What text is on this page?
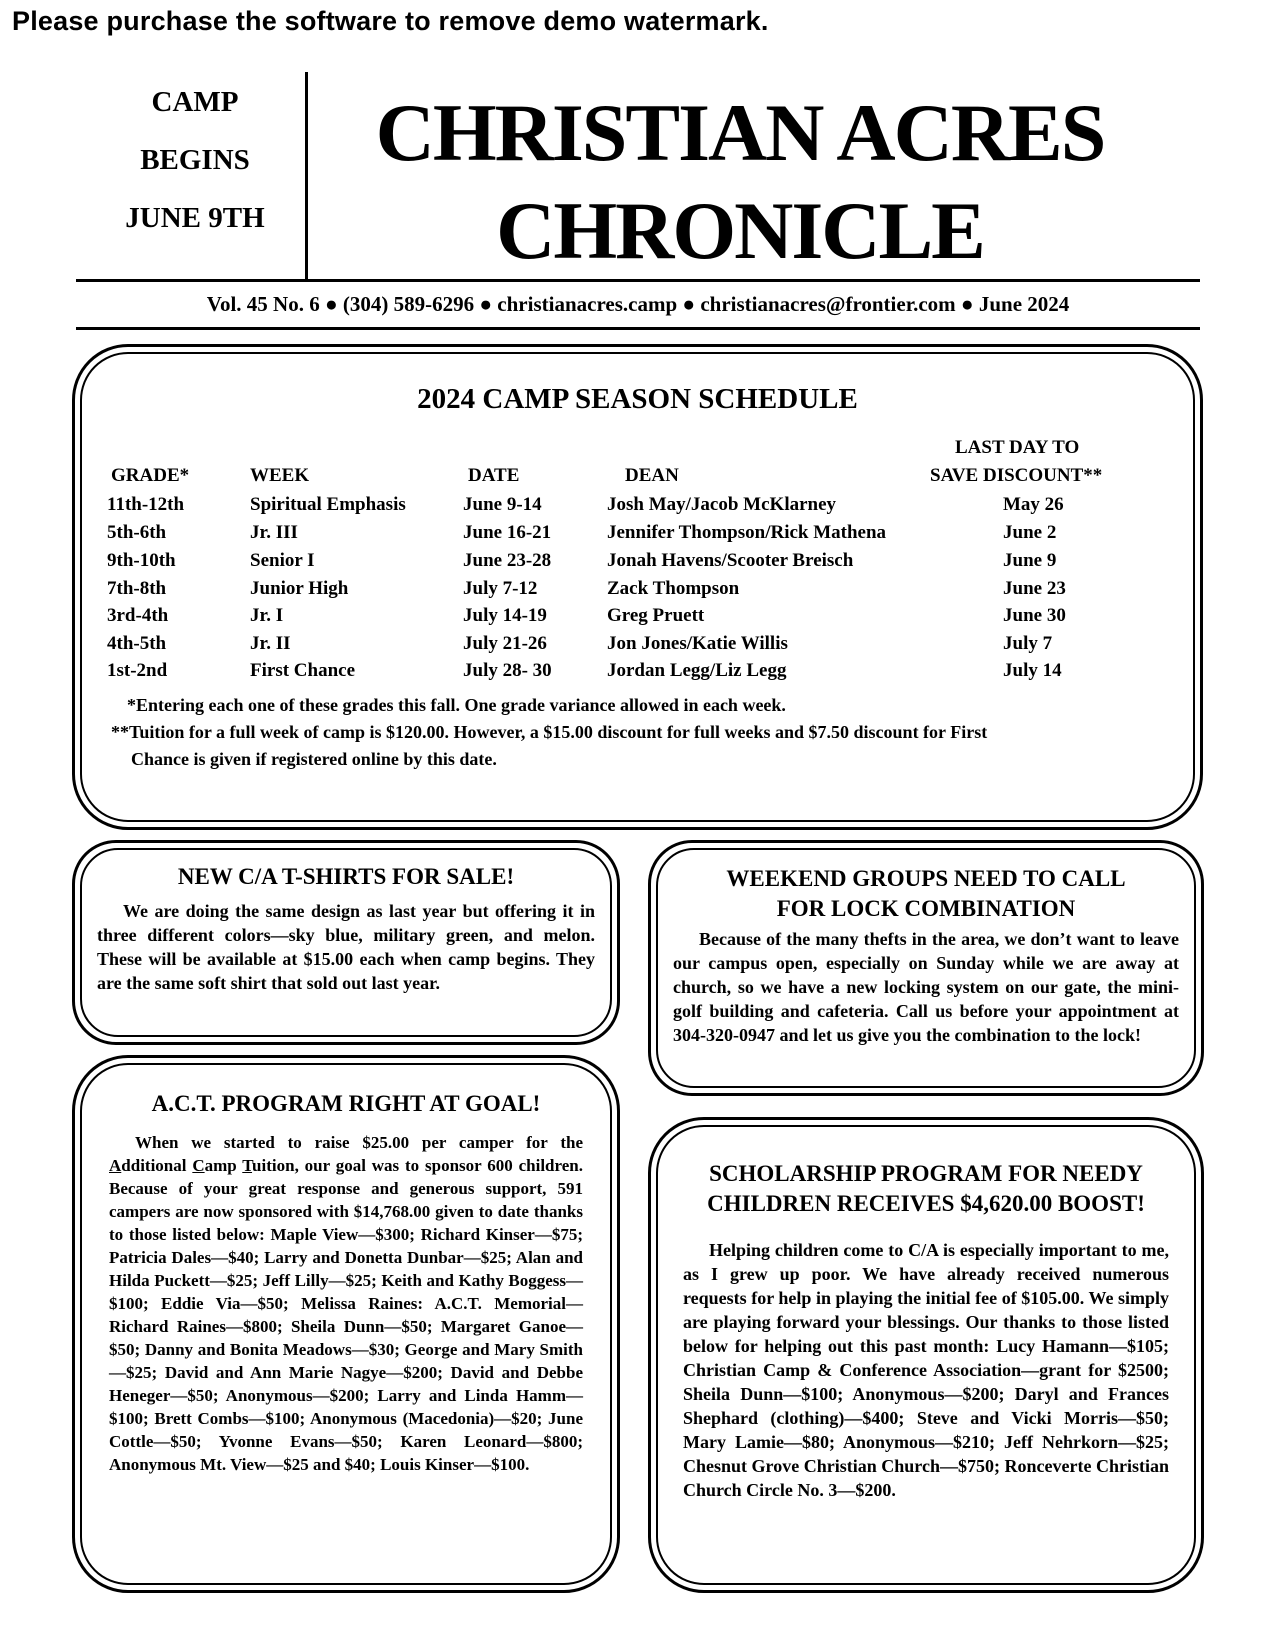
Please purchase the software to remove demo watermark.
CAMP
BEGINS
JUNE 9TH
CHRISTIAN ACRES
CHRONICLE
Vol. 45 No. 6 ● (304) 589-6296 ● christianacres.camp ● christianacres@frontier.com ● June 2024
2024 CAMP SEASON SCHEDULE
LAST DAY TO
GRADE*	WEEK	DATE	DEAN	SAVE DISCOUNT**
11th-12th	Spiritual Emphasis	June 9-14	Josh May/Jacob McKlarney	May 26
5th-6th	Jr. III	June 16-21	Jennifer Thompson/Rick Mathena	June 2
9th-10th	Senior I	June 23-28	Jonah Havens/Scooter Breisch	June 9
7th-8th	Junior High	July 7-12	Zack Thompson	June 23
3rd-4th	Jr. I	July 14-19	Greg Pruett	June 30
4th-5th	Jr. II	July 21-26	Jon Jones/Katie Willis	July 7
1st-2nd	First Chance	July 28- 30	Jordan Legg/Liz Legg	July 14
*Entering each one of these grades this fall. One grade variance allowed in each week.
**Tuition for a full week of camp is $120.00. However, a $15.00 discount for full weeks and $7.50 discount for First
Chance is given if registered online by this date.
NEW C/A T-SHIRTS FOR SALE!
We are doing the same design as last year but offering it in three different colors—sky blue, military green, and melon. These will be available at $15.00 each when camp begins. They are the same soft shirt that sold out last year.
WEEKEND GROUPS NEED TO CALL
FOR LOCK COMBINATION
Because of the many thefts in the area, we don’t want to leave our campus open, especially on Sunday while we are away at church, so we have a new locking system on our gate, the mini-golf building and cafeteria. Call us before your appointment at 304-320-0947 and let us give you the combination to the lock!
A.C.T. PROGRAM RIGHT AT GOAL!
When we started to raise $25.00 per camper for the Additional Camp Tuition, our goal was to sponsor 600 children. Because of your great response and generous support, 591 campers are now sponsored with $14,768.00 given to date thanks to those listed below: Maple View—$300; Richard Kinser—$75; Patricia Dales—$40; Larry and Donetta Dunbar—$25; Alan and Hilda Puckett—$25; Jeff Lilly—$25; Keith and Kathy Boggess—$100; Eddie Via—$50; Melissa Raines: A.C.T. Memorial—Richard Raines—$800; Sheila Dunn—$50; Margaret Ganoe—$50; Danny and Bonita Meadows—$30; George and Mary Smith—$25; David and Ann Marie Nagye—$200; David and Debbe Heneger—$50; Anonymous—$200; Larry and Linda Hamm—$100; Brett Combs—$100; Anonymous (Macedonia)—$20; June Cottle—$50; Yvonne Evans—$50; Karen Leonard—$800; Anonymous Mt. View—$25 and $40; Louis Kinser—$100.
SCHOLARSHIP PROGRAM FOR NEEDY
CHILDREN RECEIVES $4,620.00 BOOST!
Helping children come to C/A is especially important to me, as I grew up poor. We have already received numerous requests for help in playing the initial fee of $105.00. We simply are playing forward your blessings. Our thanks to those listed below for helping out this past month: Lucy Hamann—$105; Christian Camp & Conference Association—grant for $2500; Sheila Dunn—$100; Anonymous—$200; Daryl and Frances Shephard (clothing)—$400; Steve and Vicki Morris—$50; Mary Lamie—$80; Anonymous—$210; Jeff Nehrkorn—$25; Chesnut Grove Christian Church—$750; Ronceverte Christian Church Circle No. 3—$200.
